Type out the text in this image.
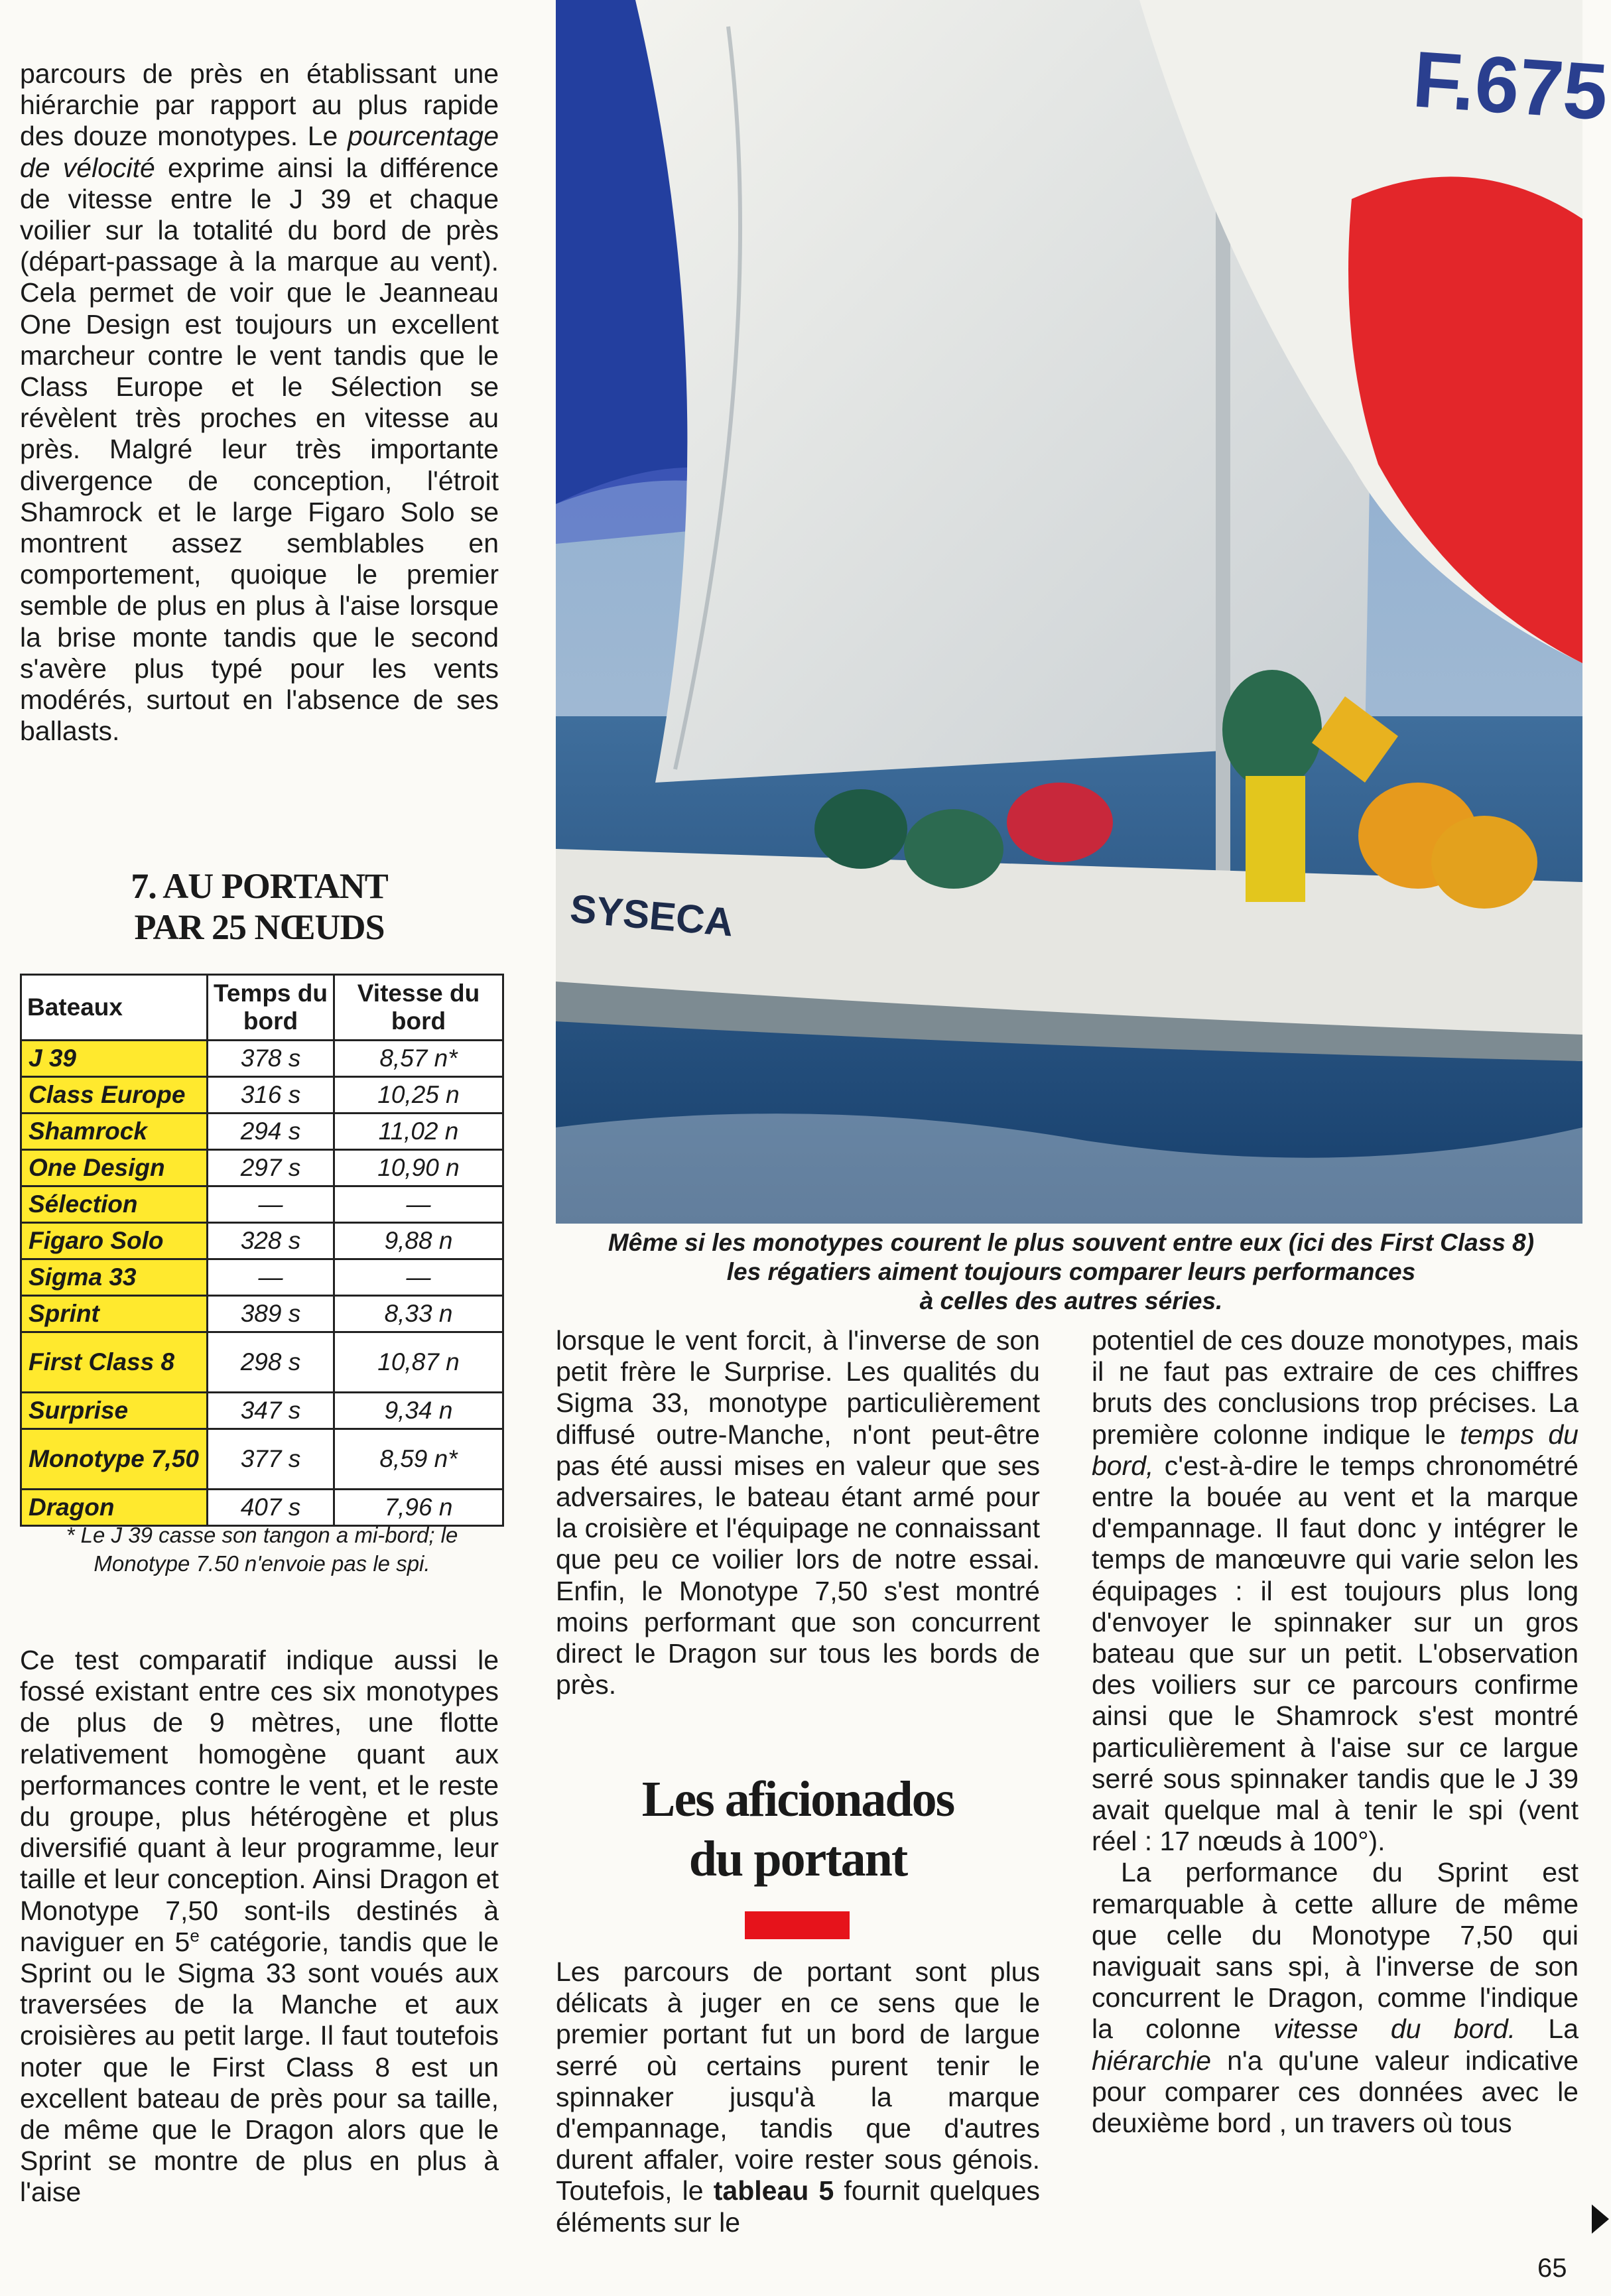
parcours de près en établissant une hiérarchie par rapport au plus rapide des douze monotypes. Le pourcentage de vélocité exprime ainsi la différence de vitesse entre le J 39 et chaque voilier sur la totalité du bord de près (départ-passage à la marque au vent). Cela permet de voir que le Jeanneau One Design est toujours un excellent marcheur contre le vent tandis que le Class Europe et le Sélection se révèlent très proches en vitesse au près. Malgré leur très importante divergence de conception, l'étroit Shamrock et le large Figaro Solo se montrent assez semblables en comportement, quoique le premier semble de plus en plus à l'aise lorsque la brise monte tandis que le second s'avère plus typé pour les vents modérés, surtout en l'absence de ses ballasts.

7. AU PORTANT
PAR 25 NŒUDS
Bateaux	Temps du bord	Vitesse du bord
J 39	378 s	8,57 n*
Class Europe	316 s	10,25 n
Shamrock	294 s	11,02 n
One Design	297 s	10,90 n
Sélection	—	—
Figaro Solo	328 s	9,88 n
Sigma 33	—	—
Sprint	389 s	8,33 n
First Class 8	298 s	10,87 n
Surprise	347 s	9,34 n
Monotype 7,50	377 s	8,59 n*
Dragon	407 s	7,96 n
* Le J 39 casse son tangon a mi-bord; le Monotype 7.50 n'envoie pas le spi.

Ce test comparatif indique aussi le fossé existant entre ces six monotypes de plus de 9 mètres, une flotte relativement homogène quant aux performances contre le vent, et le reste du groupe, plus hétérogène et plus diversifié quant à leur programme, leur taille et leur conception. Ainsi Dragon et Monotype 7,50 sont-ils destinés à naviguer en 5e catégorie, tandis que le Sprint ou le Sigma 33 sont voués aux traversées de la Manche et aux croisières au petit large. Il faut toutefois noter que le First Class 8 est un excellent bateau de près pour sa taille, de même que le Dragon alors que le Sprint se montre de plus en plus à l'aise

F.675
SYSECA
Même si les monotypes courent le plus souvent entre eux (ici des First Class 8)
les régatiers aiment toujours comparer leurs performances
à celles des autres séries.

lorsque le vent forcit, à l'inverse de son petit frère le Surprise. Les qualités du Sigma 33, monotype particulièrement diffusé outre-Manche, n'ont peut-être pas été aussi mises en valeur que ses adversaires, le bateau étant armé pour la croisière et l'équipage ne connaissant que peu ce voilier lors de notre essai. Enfin, le Monotype 7,50 s'est montré moins performant que son concurrent direct le Dragon sur tous les bords de près.

Les aficionados
du portant

Les parcours de portant sont plus délicats à juger en ce sens que le premier portant fut un bord de largue serré où certains purent tenir le spinnaker jusqu'à la marque d'empannage, tandis que d'autres durent affaler, voire rester sous génois. Toutefois, le tableau 5 fournit quelques éléments sur le

potentiel de ces douze monotypes, mais il ne faut pas extraire de ces chiffres bruts des conclusions trop précises. La première colonne indique le temps du bord, c'est-à-dire le temps chronométré entre la bouée au vent et la marque d'empannage. Il faut donc y intégrer le temps de manœuvre qui varie selon les équipages : il est toujours plus long d'envoyer le spinnaker sur un gros bateau que sur un petit. L'observation des voiliers sur ce parcours confirme ainsi que le Shamrock s'est montré particulièrement à l'aise sur ce largue serré sous spinnaker tandis que le J 39 avait quelque mal à tenir le spi (vent réel : 17 nœuds à 100°).

La performance du Sprint est remarquable à cette allure de même que celle du Monotype 7,50 qui naviguait sans spi, à l'inverse de son concurrent le Dragon, comme l'indique la colonne vitesse du bord. La hiérarchie n'a qu'une valeur indicative pour comparer ces données avec le deuxième bord , un travers où tous

65
